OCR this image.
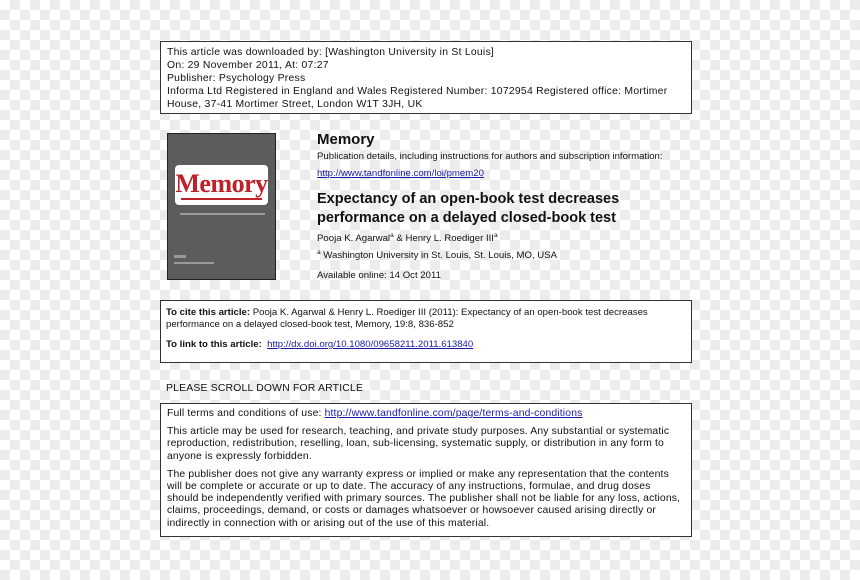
This article was downloaded by: [Washington University in St Louis]
On: 29 November 2011, At: 07:27
Publisher: Psychology Press
Informa Ltd Registered in England and Wales Registered Number: 1072954 Registered office: Mortimer
House, 37-41 Mortimer Street, London W1T 3JH, UK
Memory
Memory
Publication details, including instructions for authors and subscription information:
http://www.tandfonline.com/loi/pmem20
Expectancy of an open-book test decreases
performance on a delayed closed-book test
Pooja K. Agarwal$^a$ & Henry L. Roediger III$^a$
$^a$ Washington University in St. Louis, St. Louis, MO, USA
Available online: 14 Oct 2011
To cite this article: Pooja K. Agarwal & Henry L. Roediger III (2011): Expectancy of an open-book test decreases performance on a delayed closed-book test, Memory, 19:8, 836-852
To link to this article: http://dx.doi.org/10.1080/09658211.2011.613840
PLEASE SCROLL DOWN FOR ARTICLE

Full terms and conditions of use: http://www.tandfonline.com/page/terms-and-conditions

This article may be used for research, teaching, and private study purposes. Any substantial or systematic reproduction, redistribution, reselling, loan, sub-licensing, systematic supply, or distribution in any form to anyone is expressly forbidden.

The publisher does not give any warranty express or implied or make any representation that the contents will be complete or accurate or up to date. The accuracy of any instructions, formulae, and drug doses should be independently verified with primary sources. The publisher shall not be liable for any loss, actions, claims, proceedings, demand, or costs or damages whatsoever or howsoever caused arising directly or indirectly in connection with or arising out of the use of this material.
